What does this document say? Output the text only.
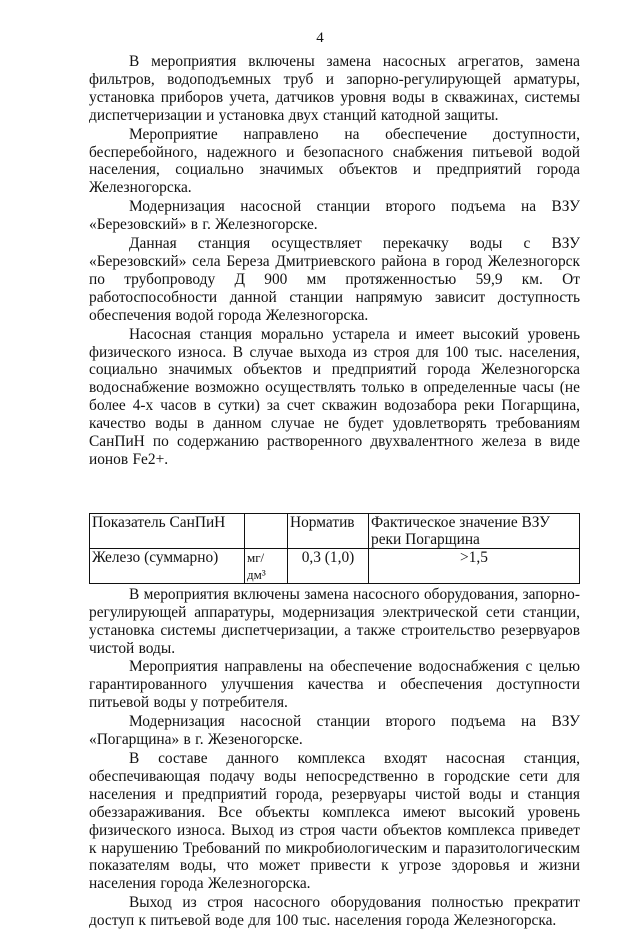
4

В мероприятия включены замена насосных агрегатов, замена фильтров, водоподъемных труб и запорно-регулирующей арматуры, установка приборов учета, датчиков уровня воды в скважинах, системы диспетчеризации и установка двух станций катодной защиты.

Мероприятие направлено на обеспечение доступности, бесперебойного, надежного и безопасного снабжения питьевой водой населения, социально значимых объектов и предприятий города Железногорска.

Модернизация насосной станции второго подъема на ВЗУ «Березовский» в г. Железногорске.

Данная станция осуществляет перекачку воды с ВЗУ «Березовский» села Береза Дмитриевского района в город Железногорск по трубопроводу Д 900 мм протяженностью 59,9 км. От работоспособности данной станции напрямую зависит доступность обеспечения водой города Железногорска.

Насосная станция морально устарела и имеет высокий уровень физического износа. В случае выхода из строя для 100 тыс. населения, социально значимых объектов и предприятий города Железногорска водоснабжение возможно осуществлять только в определенные часы (не более 4-х часов в сутки) за счет скважин водозабора реки Погарщина, качество воды в данном случае не будет удовлетворять требованиям СанПиН по содержанию растворенного двухвалентного железа в виде ионов Fe2+.

Показатель СанПиН		Норматив	Фактическое значение ВЗУ реки Погарщина
Железо (суммарно)	мг/ дм³	0,3 (1,0)	>1,5

В мероприятия включены замена насосного оборудования, запорно-регулирующей аппаратуры, модернизация электрической сети станции, установка системы диспетчеризации, а также строительство резервуаров чистой воды.

Мероприятия направлены на обеспечение водоснабжения с целью гарантированного улучшения качества и обеспечения доступности питьевой воды у потребителя.

Модернизация насосной станции второго подъема на ВЗУ «Погарщина» в г. Жезеногорске.

В составе данного комплекса входят насосная станция, обеспечивающая подачу воды непосредственно в городские сети для населения и предприятий города, резервуары чистой воды и станция обеззараживания. Все объекты комплекса имеют высокий уровень физического износа. Выход из строя части объектов комплекса приведет к нарушению Требований по микробиологическим и паразитологическим показателям воды, что может привести к угрозе здоровья и жизни населения города Железногорска.

Выход из строя насосного оборудования полностью прекратит доступ к питьевой воде для 100 тыс. населения города Железногорска.
